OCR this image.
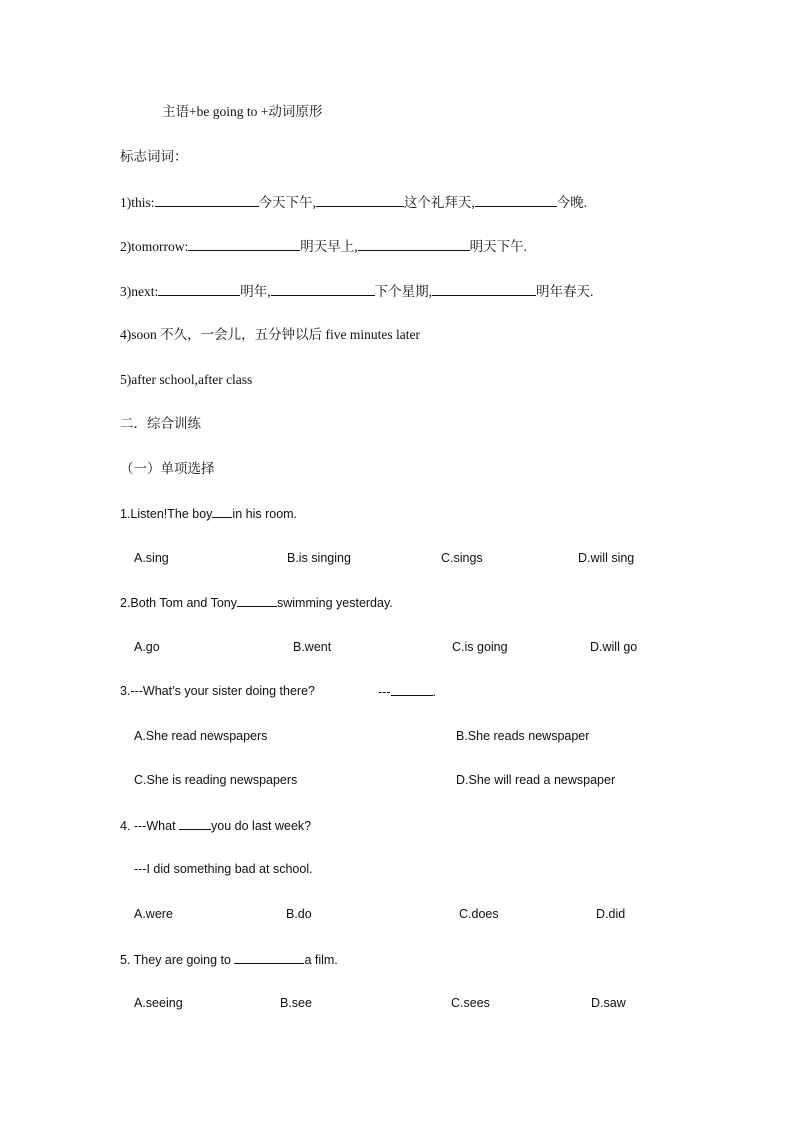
主语+be going to +动词原形
标志词词：
1)this:	今天下午,	这个礼拜天,	今晚.
2)tomorrow:	明天早上,	明天下午.
3)next:	明年,	下个星期,	明年春天.
4)soon 不久，一会儿，五分钟以后 five minutes later
5)after school,after class
二．综合训练
（一）单项选择
1.Listen!The boy in his room.
A.sing	B.is singing	C.sings	D.will sing
2.Both Tom and Tony	swimming yesterday.
A.go	B.went	C.is going	D.will go
3.---What’s your sister doing there?	---	.
A.She read newspapers	B.She reads newspaper
C.She is reading newspapers	D.She will read a newspaper
4. ---What	you do last week?
---I did something bad at school.
A.were	B.do	C.does	D.did
5. They are going to	a film.
A.seeing	B.see	C.sees	D.saw
